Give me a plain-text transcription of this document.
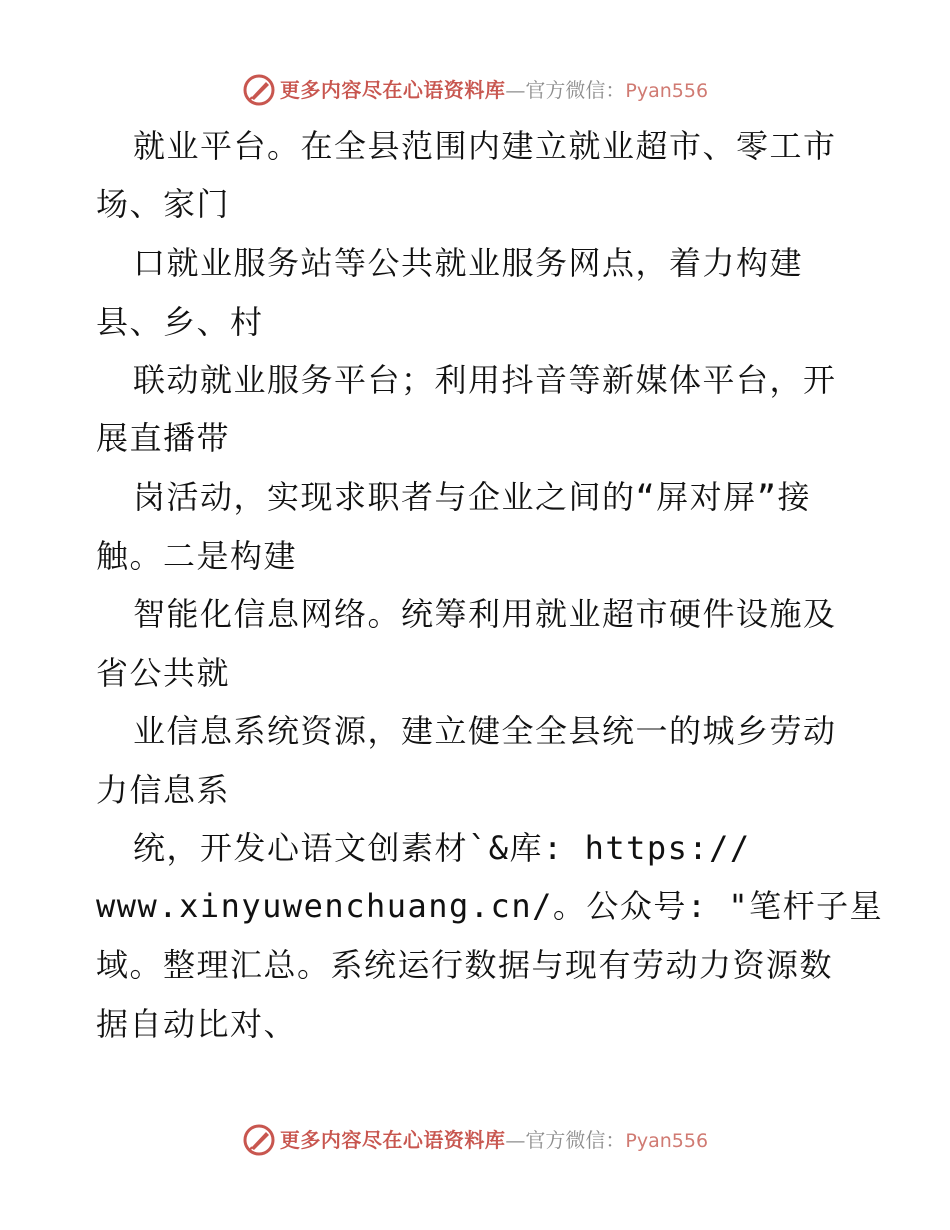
更多内容尽在心语资料库 —官方微信： Pyan556
就业平台。在全县范围内建立就业超市、零工市
场、家门
口就业服务站等公共就业服务网点，着力构建
县、乡、村
联动就业服务平台；利用抖音等新媒体平台，开
展直播带
岗活动，实现求职者与企业之间的“屏对屏”接
触。二是构建
智能化信息网络。统筹利用就业超市硬件设施及
省公共就
业信息系统资源，建立健全全县统一的城乡劳动
力信息系
统，开发心语文创素材`&库: https://
www.xinyuwenchuang.cn/。公众号: "笔杆子星
域。整理汇总。系统运行数据与现有劳动力资源数
据自动比对、
更多内容尽在心语资料库 —官方微信： Pyan556
